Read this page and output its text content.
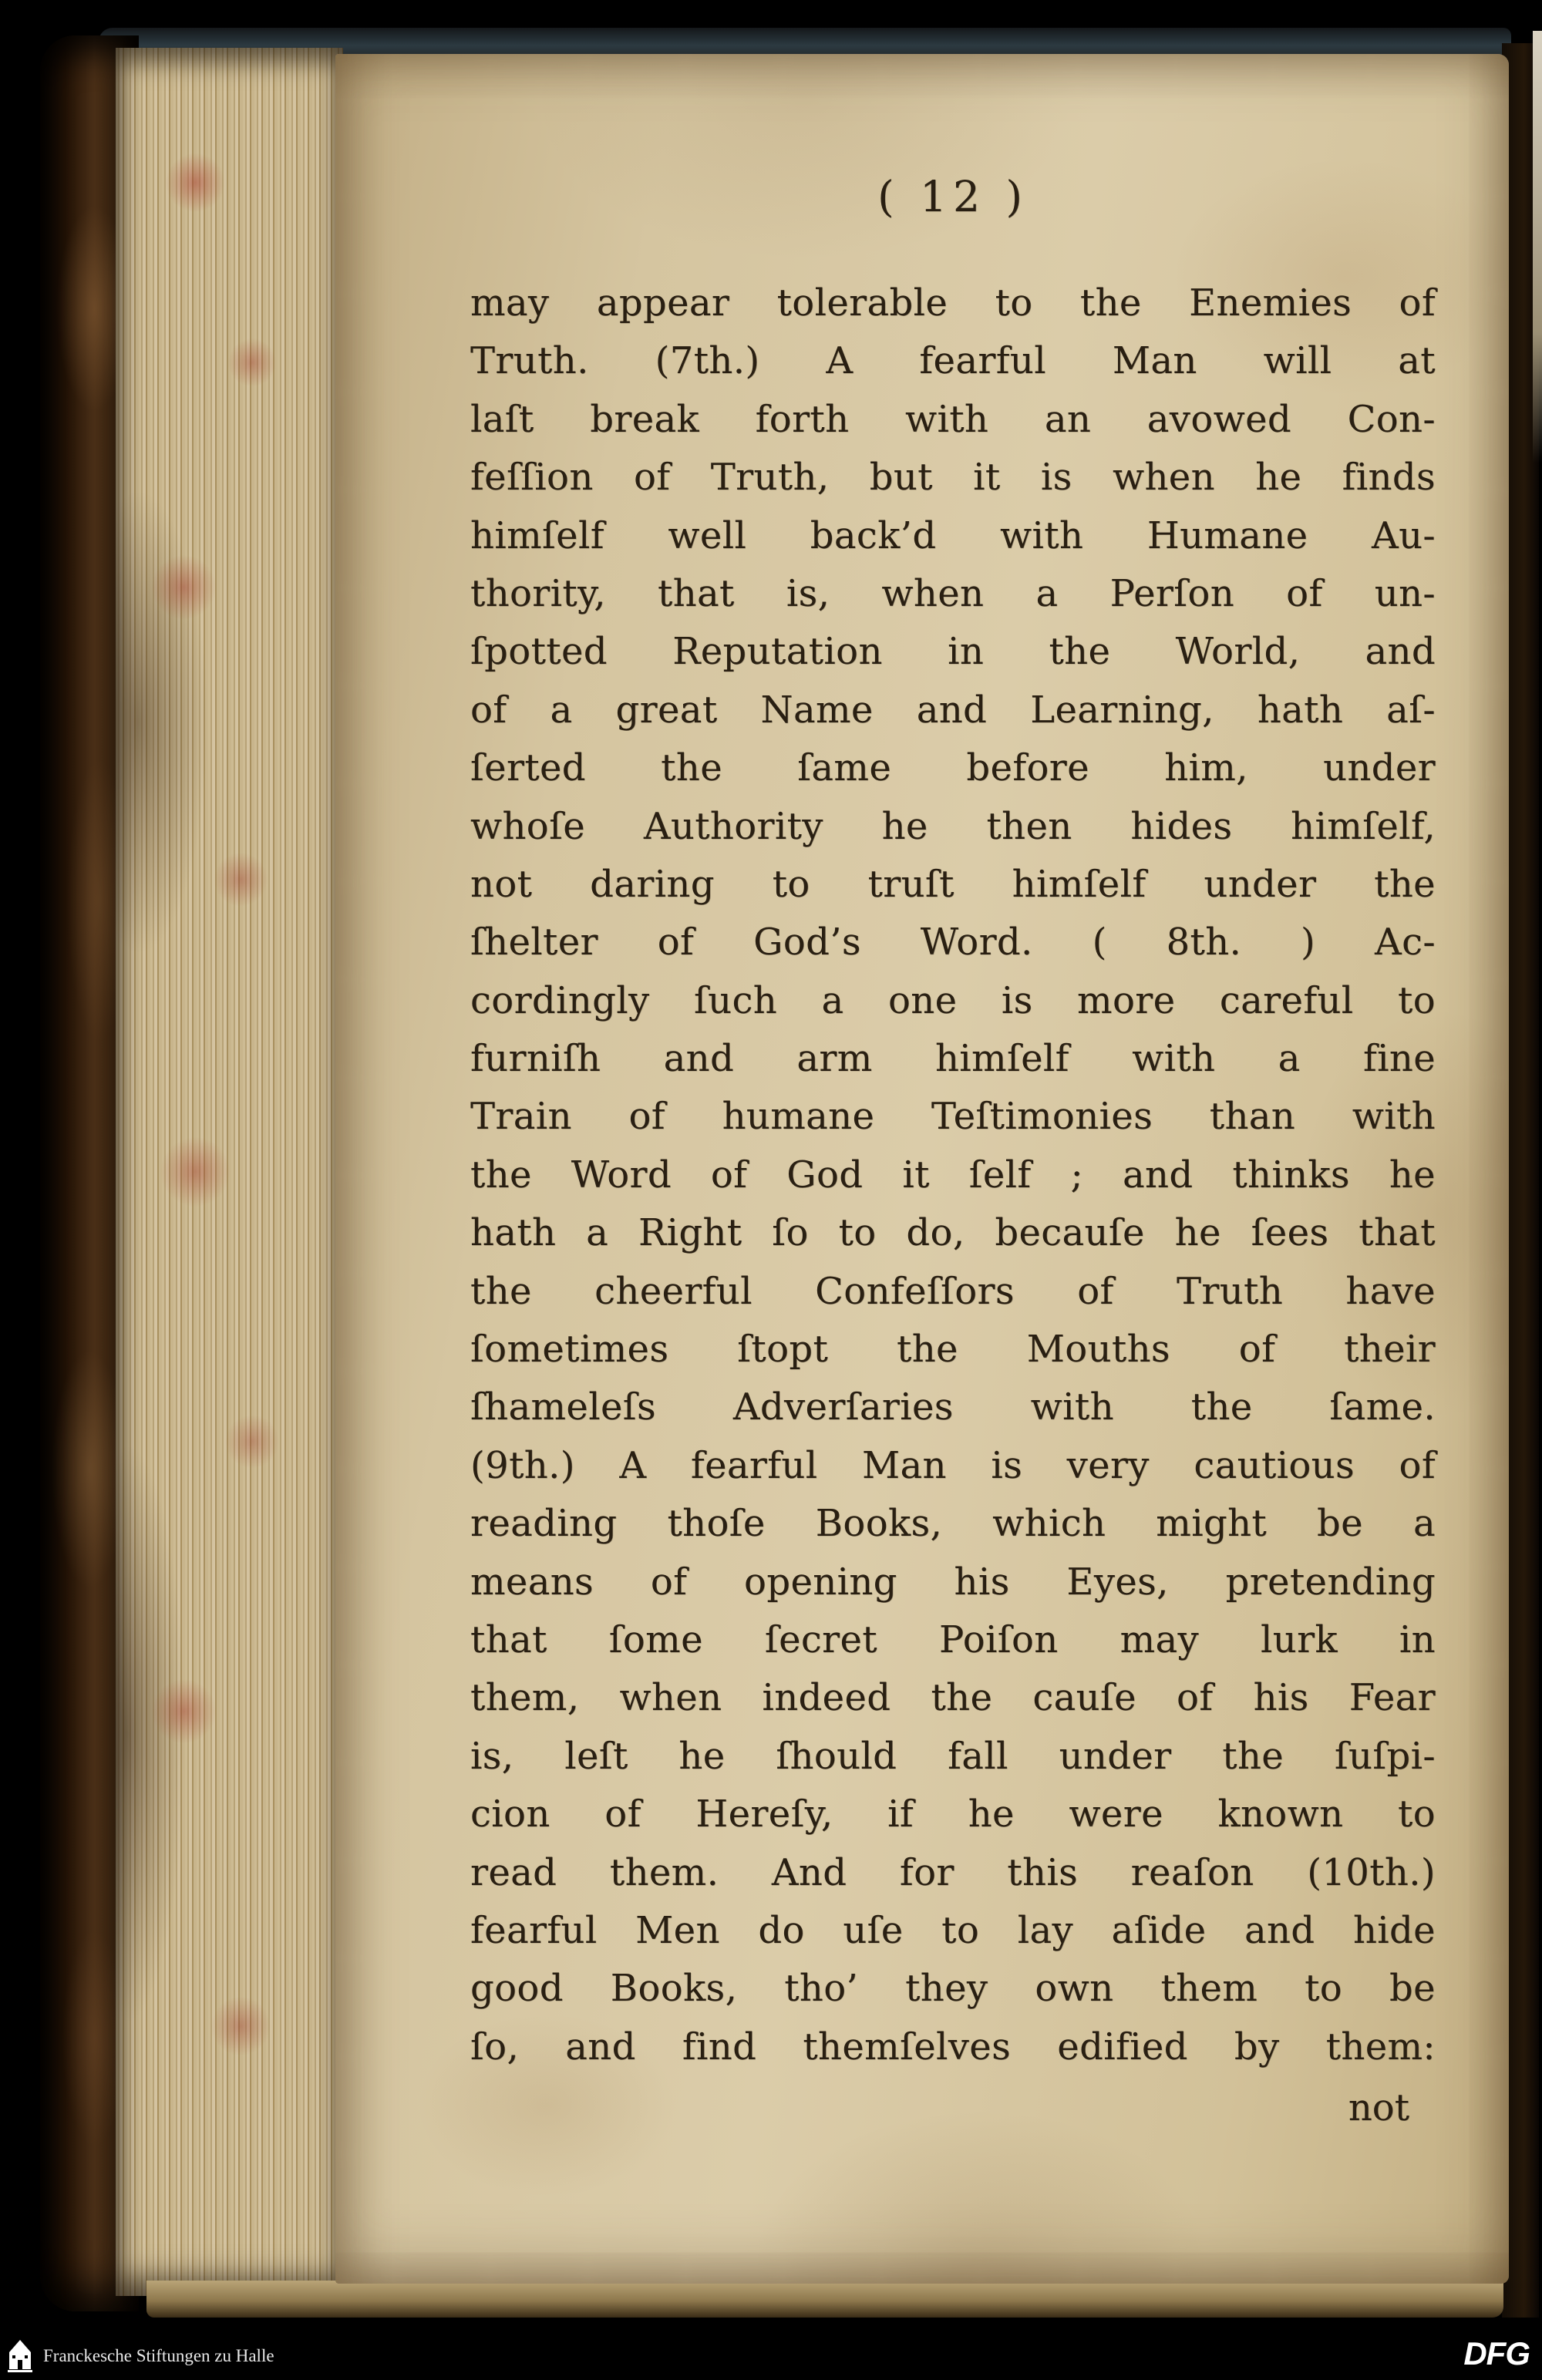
( 12 )
may appear tolerable to the Enemies of
Truth. (7th.) A fearful Man will at
laſt break forth with an avowed Con-
feſſion of Truth, but it is when he finds
himſelf well back’d with Humane Au-
thority, that is, when a Perſon of un-
ſpotted Reputation in the World, and
of a great Name and Learning, hath aſ-
ſerted the ſame before him, under
whoſe Authority he then hides himſelf,
not daring to truſt himſelf under the
ſhelter of God’s Word. ( 8th. ) Ac-
cordingly ſuch a one is more careful to
furniſh and arm himſelf with a fine
Train of humane Teſtimonies than with
the Word of God it ſelf ; and thinks he
hath a Right ſo to do, becauſe he ſees that
the cheerful Confeſſors of Truth have
ſometimes ſtopt the Mouths of their
ſhameleſs Adverſaries with the ſame.
(9th.) A fearful Man is very cautious of
reading thoſe Books, which might be a
means of opening his Eyes, pretending
that ſome ſecret Poiſon may lurk in
them, when indeed the cauſe of his Fear
is, leſt he ſhould fall under the ſuſpi-
cion of Hereſy, if he were known to
read them. And for this reaſon (10th.)
fearful Men do uſe to lay aſide and hide
good Books, tho’ they own them to be
ſo, and find themſelves edified by them:
not
Franckesche Stiftungen zu Halle	DFG
